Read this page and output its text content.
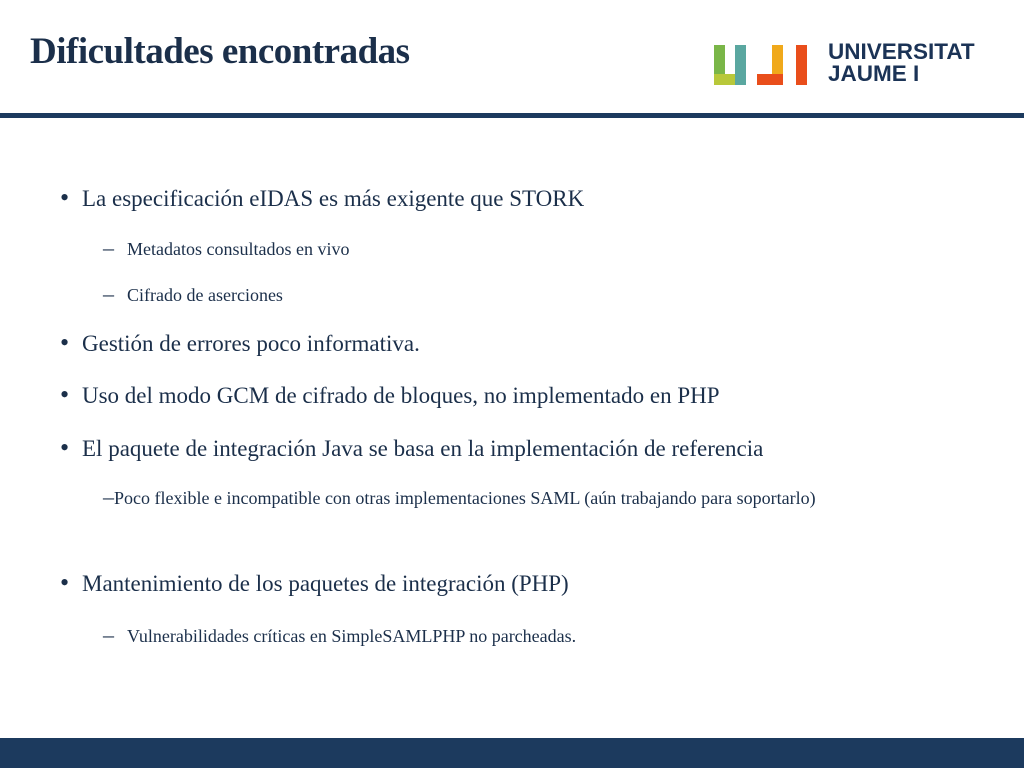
Dificultades encontradas	UNIVERSITAT
JAUME I
• La especificación eIDAS es más exigente que STORK
– Metadatos consultados en vivo
– Cifrado de aserciones
• Gestión de errores poco informativa.
• Uso del modo GCM de cifrado de bloques, no implementado en PHP
• El paquete de integración Java se basa en la implementación de referencia
–Poco flexible e incompatible con otras implementaciones SAML (aún trabajando para soportarlo)
• Mantenimiento de los paquetes de integración (PHP)
– Vulnerabilidades críticas en SimpleSAMLPHP no parcheadas.
